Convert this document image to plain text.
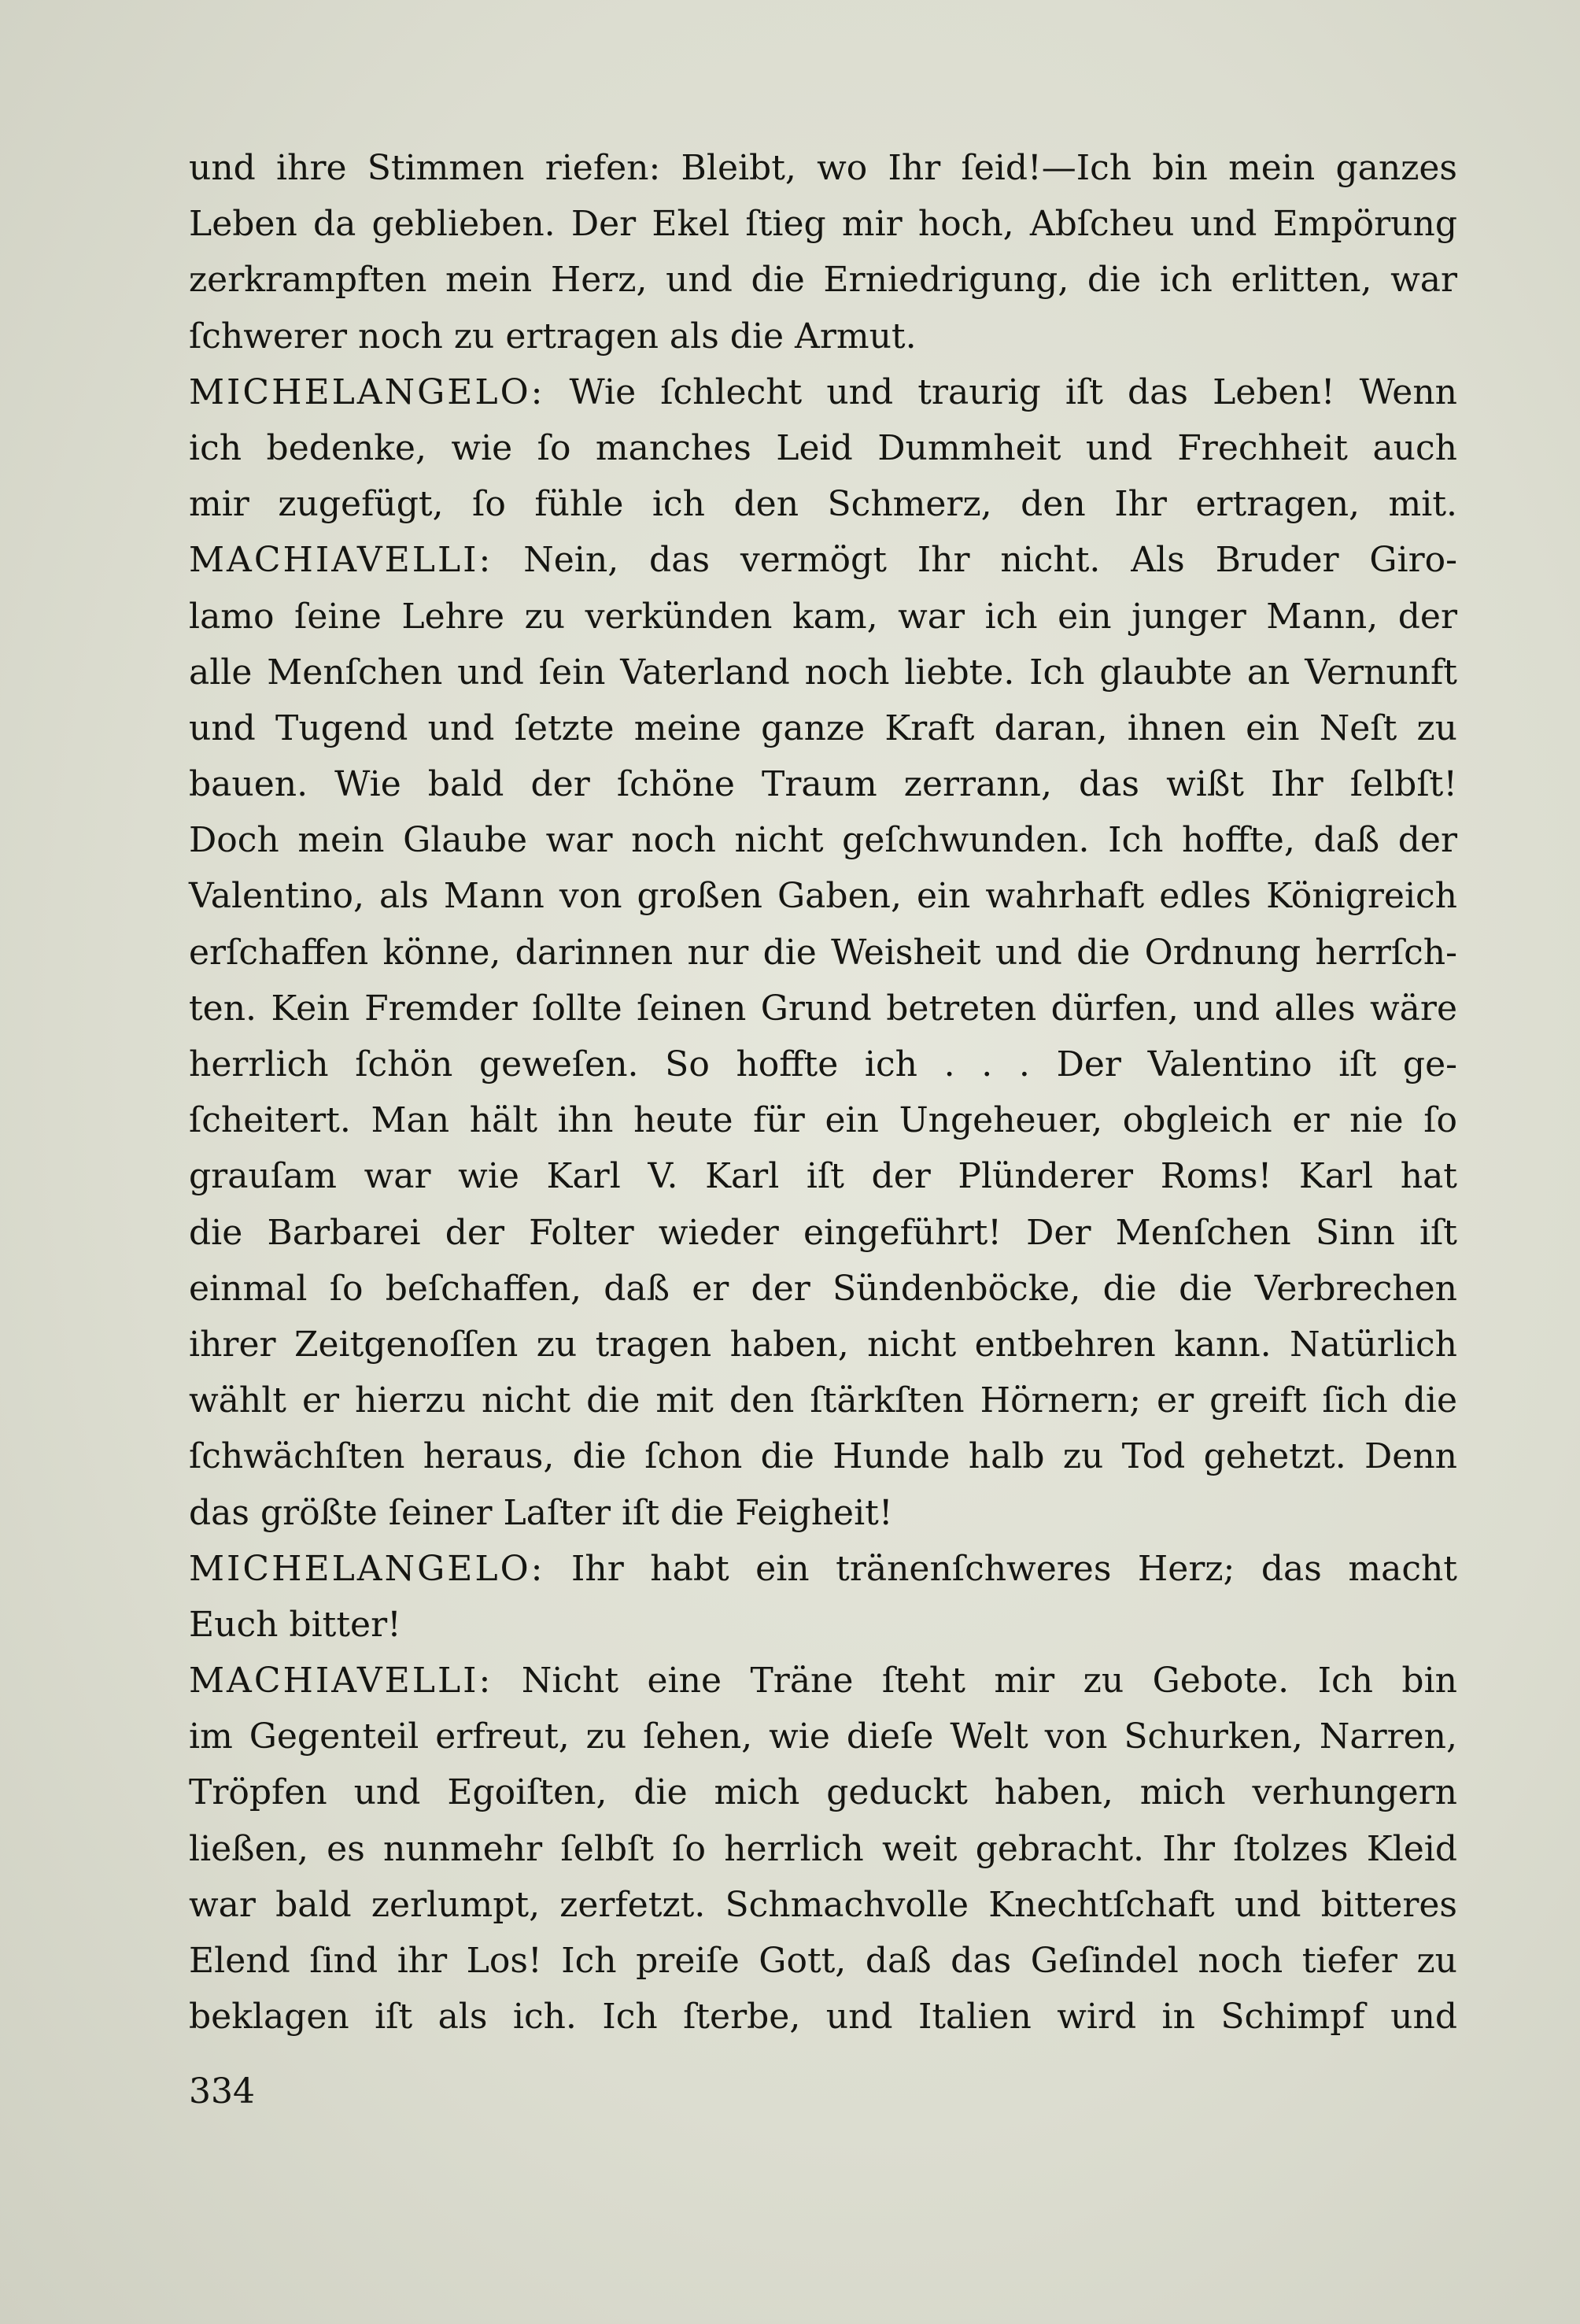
und ihre Stimmen riefen: Bleibt, wo Ihr ſeid!—Ich bin mein ganzes
Leben da geblieben. Der Ekel ſtieg mir hoch, Abſcheu und Empörung
zerkrampften mein Herz, und die Erniedrigung, die ich erlitten, war
ſchwerer noch zu ertragen als die Armut.
MICHELANGELO: Wie ſchlecht und traurig iſt das Leben! Wenn
ich bedenke, wie ſo manches Leid Dummheit und Frechheit auch
mir zugefügt, ſo fühle ich den Schmerz, den Ihr ertragen, mit.
MACHIAVELLI: Nein, das vermögt Ihr nicht. Als Bruder Giro-
lamo ſeine Lehre zu verkünden kam, war ich ein junger Mann, der
alle Menſchen und ſein Vaterland noch liebte. Ich glaubte an Vernunft
und Tugend und ſetzte meine ganze Kraft daran, ihnen ein Neſt zu
bauen. Wie bald der ſchöne Traum zerrann, das wißt Ihr ſelbſt!
Doch mein Glaube war noch nicht geſchwunden. Ich hoffte, daß der
Valentino, als Mann von großen Gaben, ein wahrhaft edles Königreich
erſchaffen könne, darinnen nur die Weisheit und die Ordnung herrſch-
ten. Kein Fremder ſollte ſeinen Grund betreten dürfen, und alles wäre
herrlich ſchön geweſen. So hoffte ich . . . Der Valentino iſt ge-
ſcheitert. Man hält ihn heute für ein Ungeheuer, obgleich er nie ſo
grauſam war wie Karl V. Karl iſt der Plünderer Roms! Karl hat
die Barbarei der Folter wieder eingeführt! Der Menſchen Sinn iſt
einmal ſo beſchaffen, daß er der Sündenböcke, die die Verbrechen
ihrer Zeitgenoſſen zu tragen haben, nicht entbehren kann. Natürlich
wählt er hierzu nicht die mit den ſtärkſten Hörnern; er greift ſich die
ſchwächſten heraus, die ſchon die Hunde halb zu Tod gehetzt. Denn
das größte ſeiner Laſter iſt die Feigheit!
MICHELANGELO: Ihr habt ein tränenſchweres Herz; das macht
Euch bitter!
MACHIAVELLI: Nicht eine Träne ſteht mir zu Gebote. Ich bin
im Gegenteil erfreut, zu ſehen, wie dieſe Welt von Schurken, Narren,
Tröpfen und Egoiſten, die mich geduckt haben, mich verhungern
ließen, es nunmehr ſelbſt ſo herrlich weit gebracht. Ihr ſtolzes Kleid
war bald zerlumpt, zerfetzt. Schmachvolle Knechtſchaft und bitteres
Elend ſind ihr Los! Ich preiſe Gott, daß das Geſindel noch tiefer zu
beklagen iſt als ich. Ich ſterbe, und Italien wird in Schimpf und
334
